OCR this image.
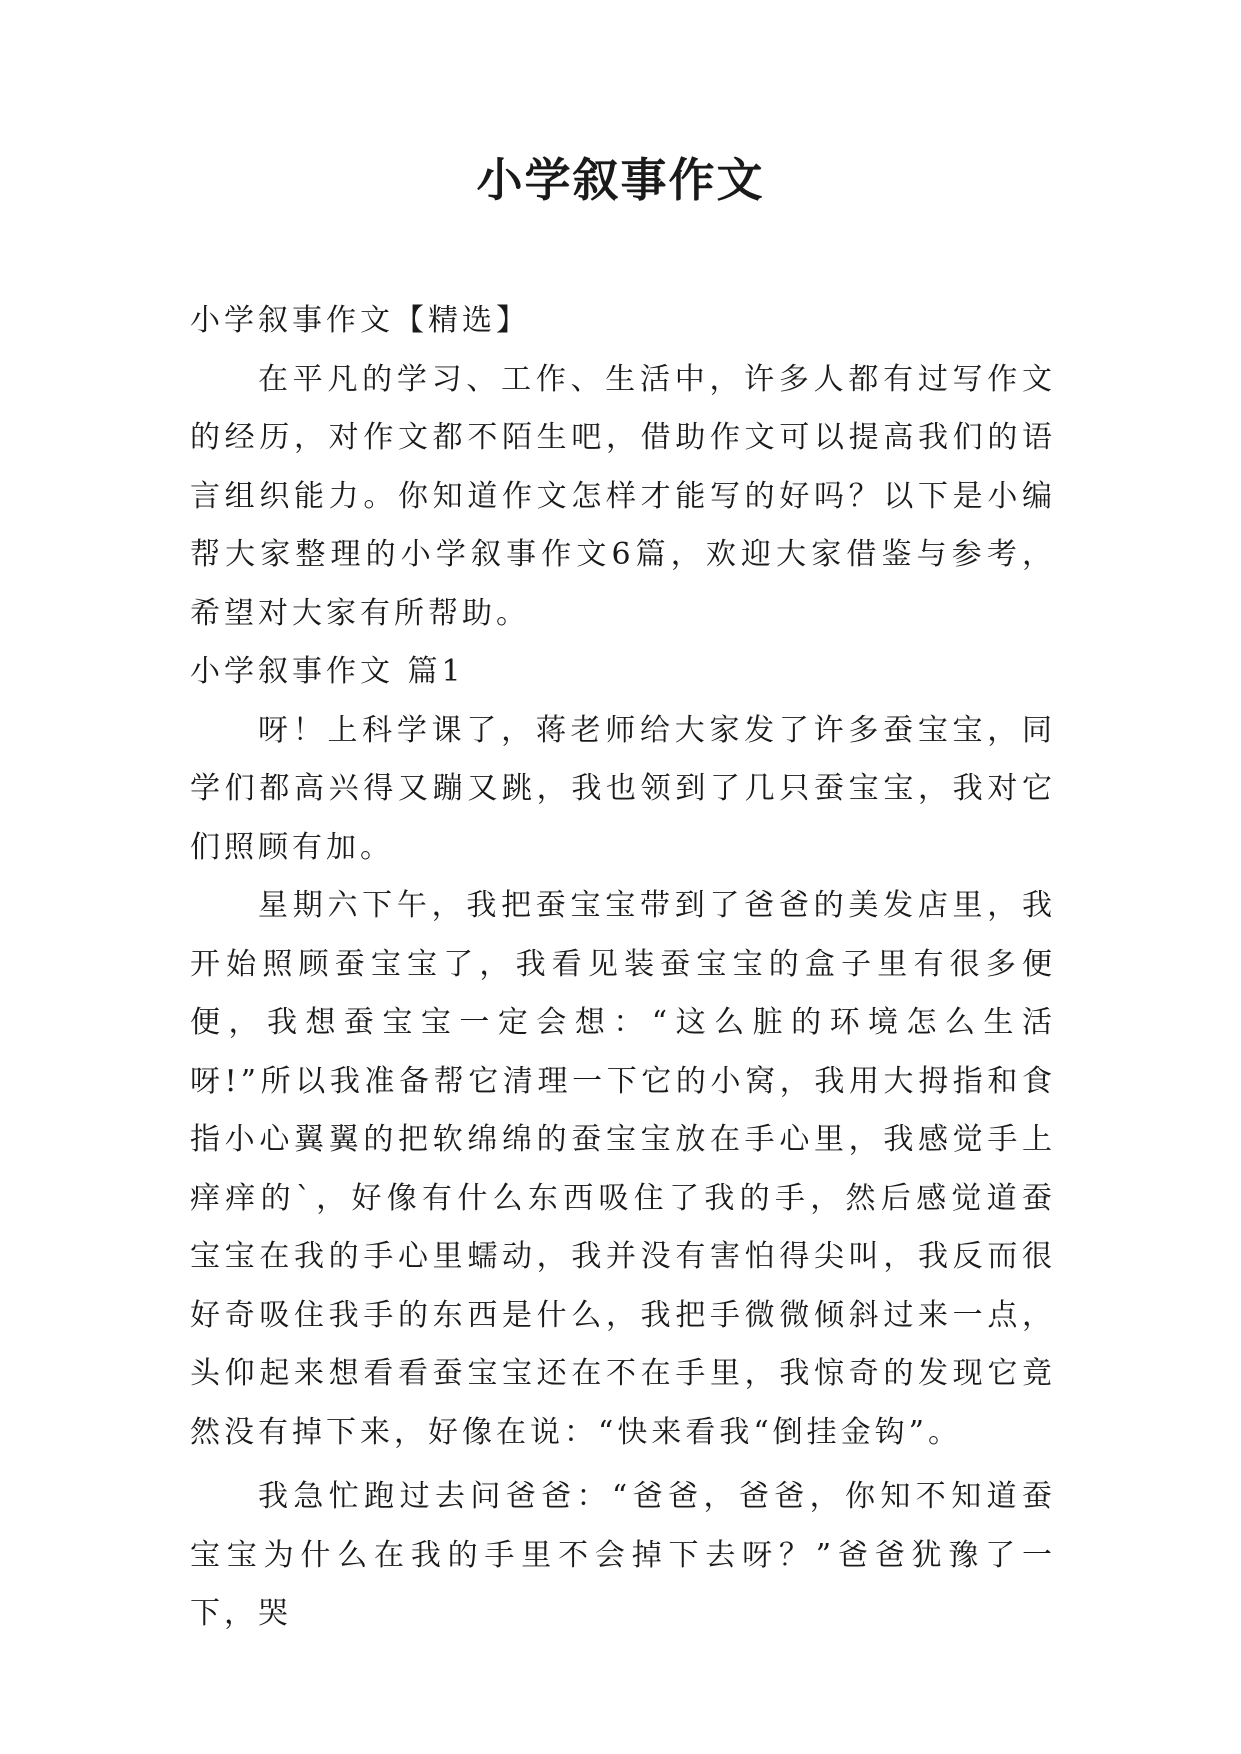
小学叙事作文

小学叙事作文【精选】

在平凡的学习、工作、生活中，许多人都有过写作文的经历，对作文都不陌生吧，借助作文可以提高我们的语言组织能力。你知道作文怎样才能写的好吗？以下是小编帮大家整理的小学叙事作文6篇，欢迎大家借鉴与参考，希望对大家有所帮助。

小学叙事作文 篇1

呀！上科学课了，蒋老师给大家发了许多蚕宝宝，同学们都高兴得又蹦又跳，我也领到了几只蚕宝宝，我对它们照顾有加。

星期六下午，我把蚕宝宝带到了爸爸的美发店里，我开始照顾蚕宝宝了，我看见装蚕宝宝的盒子里有很多便便，我想蚕宝宝一定会想：“这么脏的环境怎么生活呀!”所以我准备帮它清理一下它的小窝，我用大拇指和食指小心翼翼的把软绵绵的蚕宝宝放在手心里，我感觉手上痒痒的`，好像有什么东西吸住了我的手，然后感觉道蚕宝宝在我的手心里蠕动，我并没有害怕得尖叫，我反而很好奇吸住我手的东西是什么，我把手微微倾斜过来一点，头仰起来想看看蚕宝宝还在不在手里，我惊奇的发现它竟然没有掉下来，好像在说：“快来看我“倒挂金钩”。

我急忙跑过去问爸爸：“爸爸，爸爸，你知不知道蚕宝宝为什么在我的手里不会掉下去呀？”爸爸犹豫了一下，哭
